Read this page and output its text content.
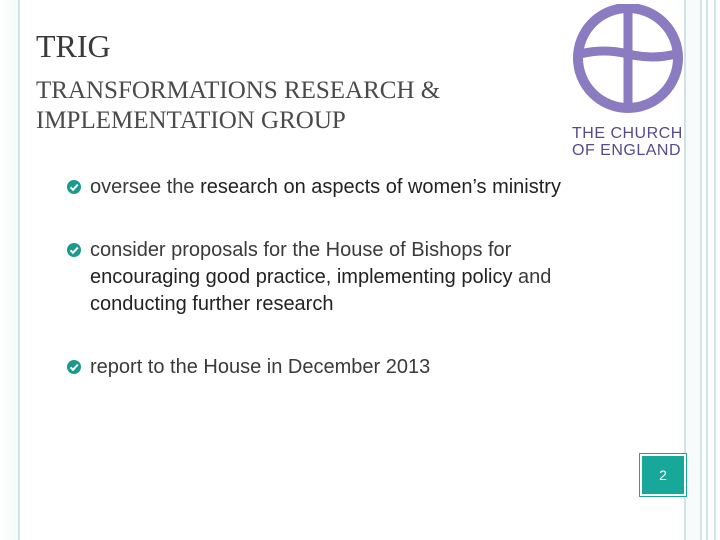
TRIG
TRANSFORMATIONS RESEARCH & IMPLEMENTATION GROUP	THE CHURCH OF ENGLAND
oversee the research on aspects of women’s ministry
consider proposals for the House of Bishops for encouraging good practice, implementing policy and conducting further research
report to the House in December 2013
2
